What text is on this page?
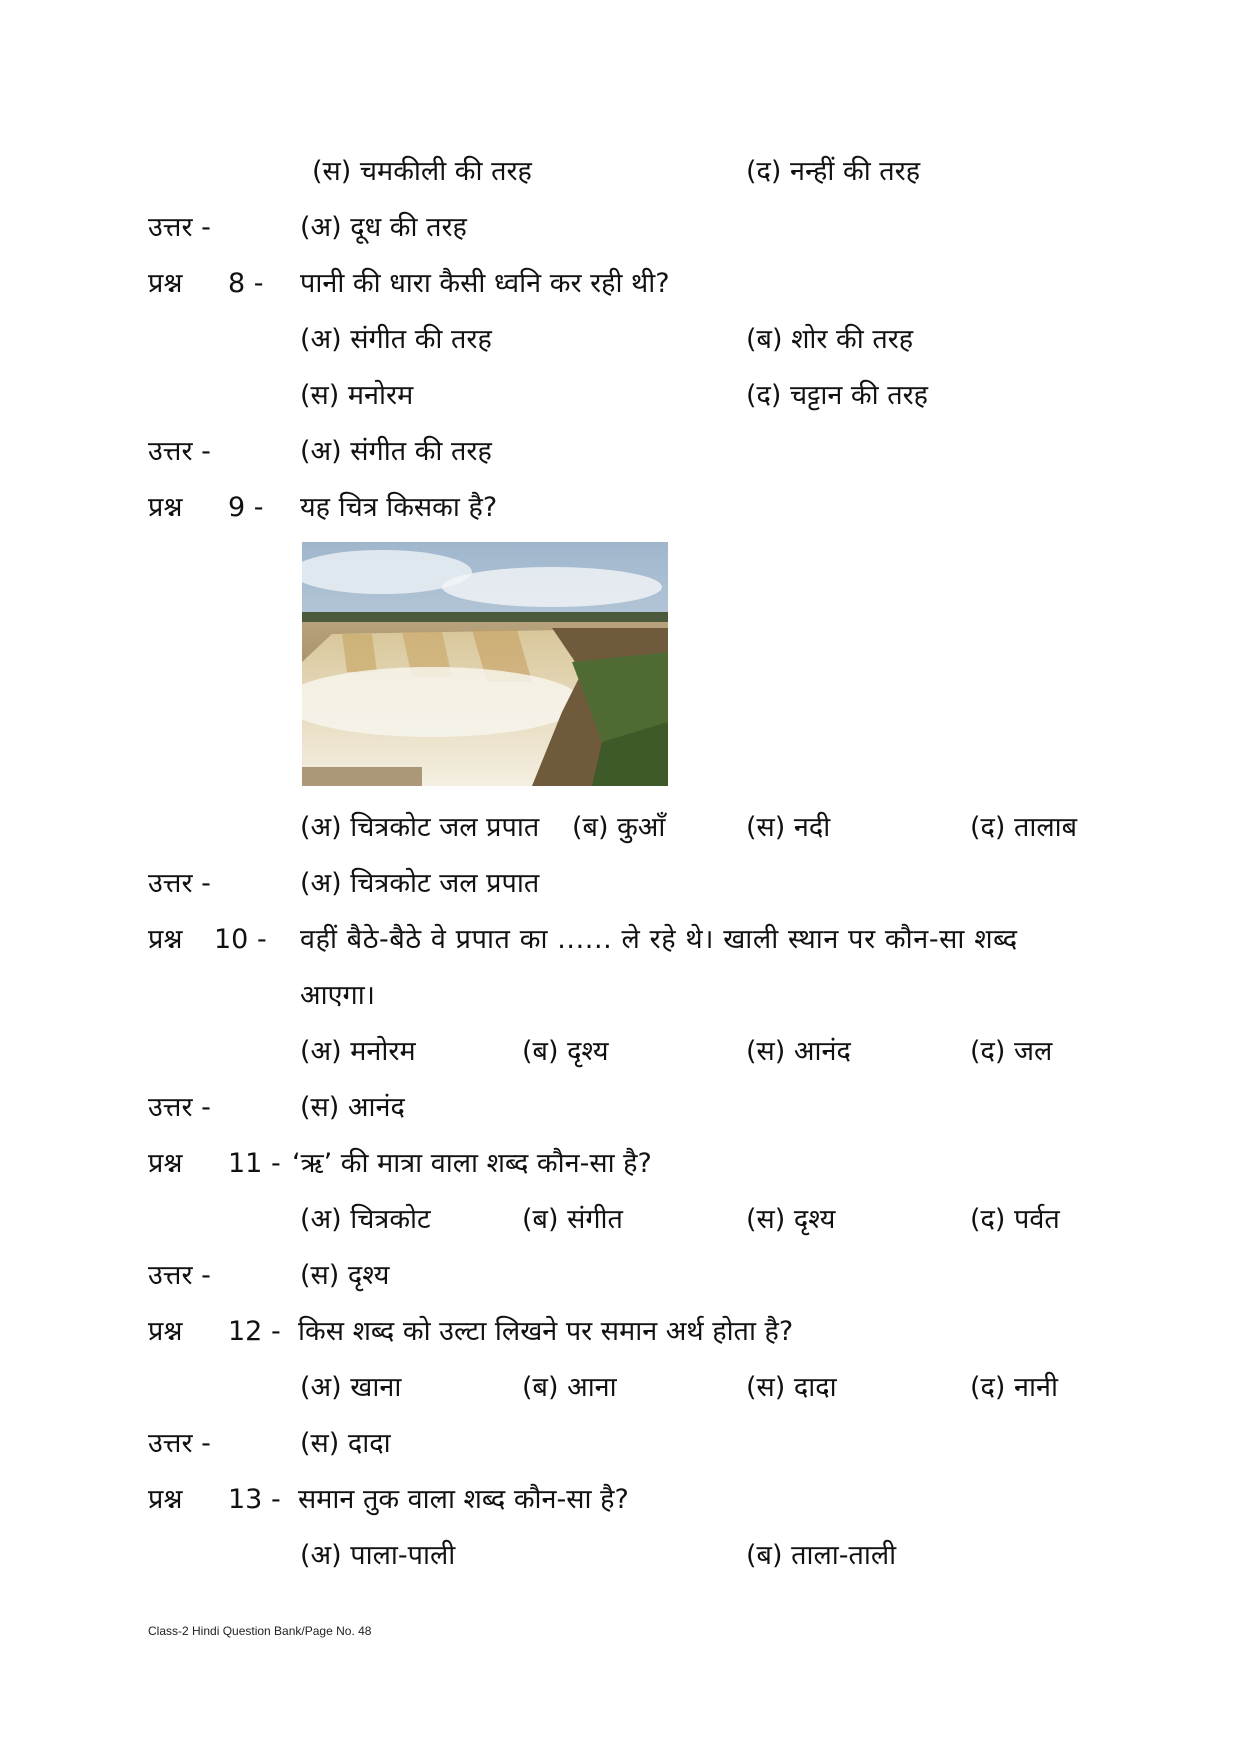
(स) चमकीली की तरह	(द) नन्हीं की तरह
उत्तर -	(अ) दूध की तरह
प्रश्न 8 - पानी की धारा कैसी ध्वनि कर रही थी?
(अ) संगीत की तरह	(ब) शोर की तरह
(स) मनोरम	(द) चट्टान की तरह
उत्तर -	(अ) संगीत की तरह
प्रश्न 9 - यह चित्र किसका है?
(अ) चित्रकोट जल प्रपात (ब) कुआँ	(स) नदी	(द) तालाब
उत्तर -	(अ) चित्रकोट जल प्रपात
प्रश्न 10 - वहीं बैठे-बैठे वे प्रपात का ...... ले रहे थे। खाली स्थान पर कौन-सा शब्द
आएगा।
(अ) मनोरम	(ब) दृश्य	(स) आनंद	(द) जल
उत्तर -	(स) आनंद
प्रश्न 11 - ‘ऋ’ की मात्रा वाला शब्द कौन-सा है?
(अ) चित्रकोट	(ब) संगीत	(स) दृश्य	(द) पर्वत
उत्तर -	(स) दृश्य
प्रश्न 12 - किस शब्द को उल्टा लिखने पर समान अर्थ होता है?
(अ) खाना	(ब) आना	(स) दादा	(द) नानी
उत्तर -	(स) दादा
प्रश्न 13 - समान तुक वाला शब्द कौन-सा है?
(अ) पाला-पाली	(ब) ताला-ताली
Class-2 Hindi Question Bank/Page No. 48
